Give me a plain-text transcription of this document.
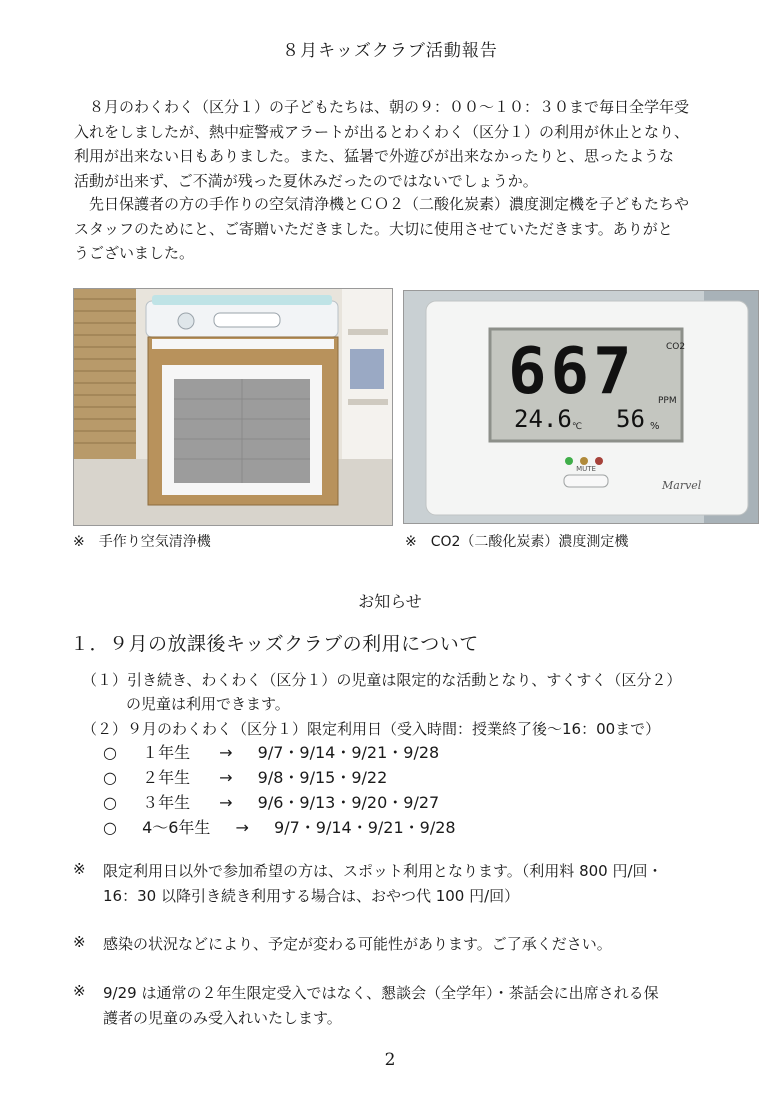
８月キッズクラブ活動報告
　８月のわくわく（区分１）の子どもたちは、朝の９：００～１０：３０まで毎日全学年受
入れをしましたが、熱中症警戒アラートが出るとわくわく（区分１）の利用が休止となり、
利用が出来ない日もありました。また、猛暑で外遊びが出来なかったりと、思ったような
活動が出来ず、ご不満が残った夏休みだったのではないでしょうか。
　先日保護者の方の手作りの空気清浄機とＣＯ２（二酸化炭素）濃度測定機を子どもたちや
スタッフのためにと、ご寄贈いただきました。大切に使用させていただきます。ありがと
うございました。
CO2
667 PPM
24.6 ℃ 56 %
MUTE
Marvel
※　手作り空気清浄機	※　CO2（二酸化炭素）濃度測定機
お知らせ
１．９月の放課後キッズクラブの利用について
（１）引き続き、わくわく（区分１）の児童は限定的な活動となり、すくすく（区分２）
の児童は利用できます。
（２）９月のわくわく（区分１）限定利用日（受入時間：授業終了後～16：00まで）
○ １年生 → 9/7・9/14・9/21・9/28
○ ２年生 → 9/8・9/15・9/22
○ ３年生 → 9/6・9/13・9/20・9/27
○ 4～6年生 → 9/7・9/14・9/21・9/28
※ 限定利用日以外で参加希望の方は、スポット利用となります。（利用料 800 円/回・
16：30 以降引き続き利用する場合は、おやつ代 100 円/回）
※ 感染の状況などにより、予定が変わる可能性があります。ご了承ください。
※ 9/29 は通常の２年生限定受入ではなく、懇談会（全学年）・茶話会に出席される保
護者の児童のみ受入れいたします。
2
